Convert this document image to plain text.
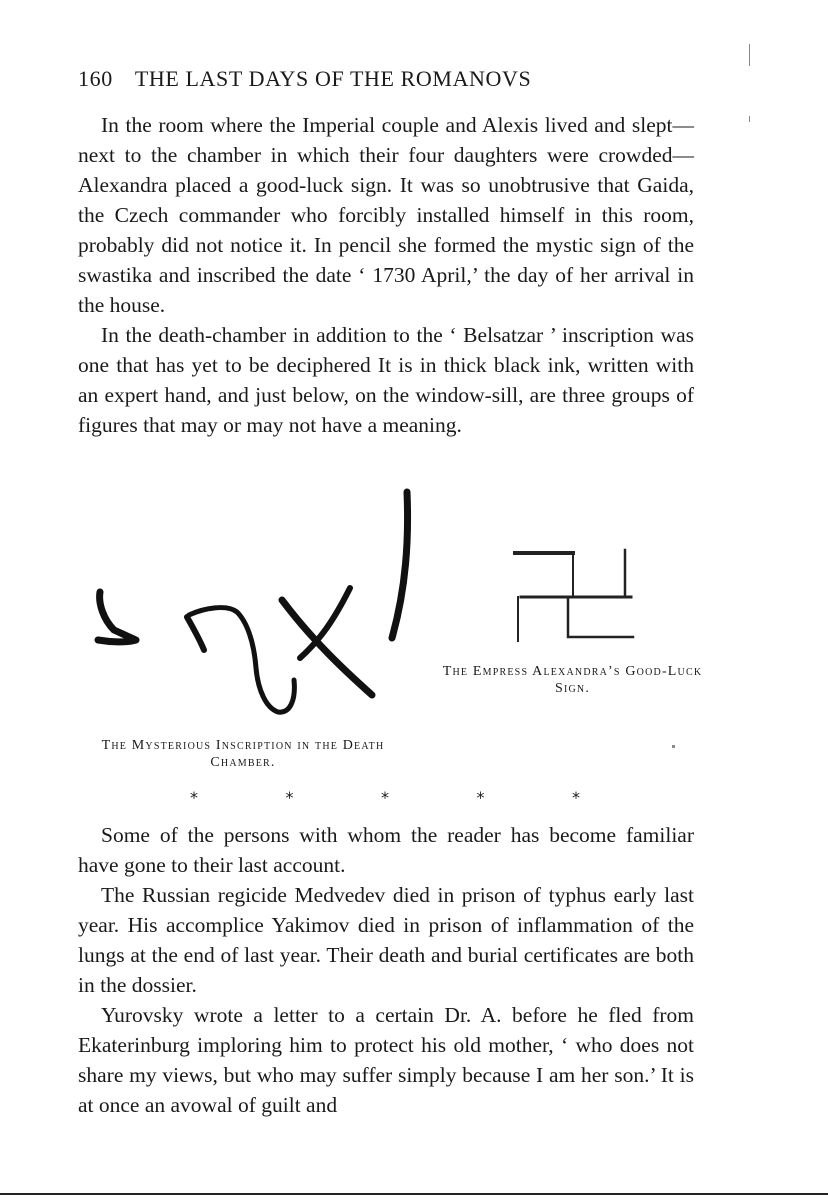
160 THE LAST DAYS OF THE ROMANOVS

In the room where the Imperial couple and Alexis lived and slept—next to the chamber in which their four daughters were crowded—Alexandra placed a good-luck sign. It was so unobtrusive that Gaida, the Czech commander who forcibly installed himself in this room, probably did not notice it. In pencil she formed the mystic sign of the swastika and inscribed the date ‘ 1730 April,’ the day of her arrival in the house.

In the death-chamber in addition to the ‘ Belsatzar ’ inscription was one that has yet to be deciphered It is in thick black ink, written with an expert hand, and just below, on the window-sill, are three groups of figures that may or may not have a meaning.

The Mysterious Inscription in the Death Chamber.
The Empress Alexandra’s Good-Luck Sign.
*	*	*	*	*

Some of the persons with whom the reader has become familiar have gone to their last account.

The Russian regicide Medvedev died in prison of typhus early last year. His accomplice Yakimov died in prison of inflammation of the lungs at the end of last year. Their death and burial certificates are both in the dossier.

Yurovsky wrote a letter to a certain Dr. A. before he fled from Ekaterinburg imploring him to protect his old mother, ‘ who does not share my views, but who may suffer simply because I am her son.’ It is at once an avowal of guilt and
